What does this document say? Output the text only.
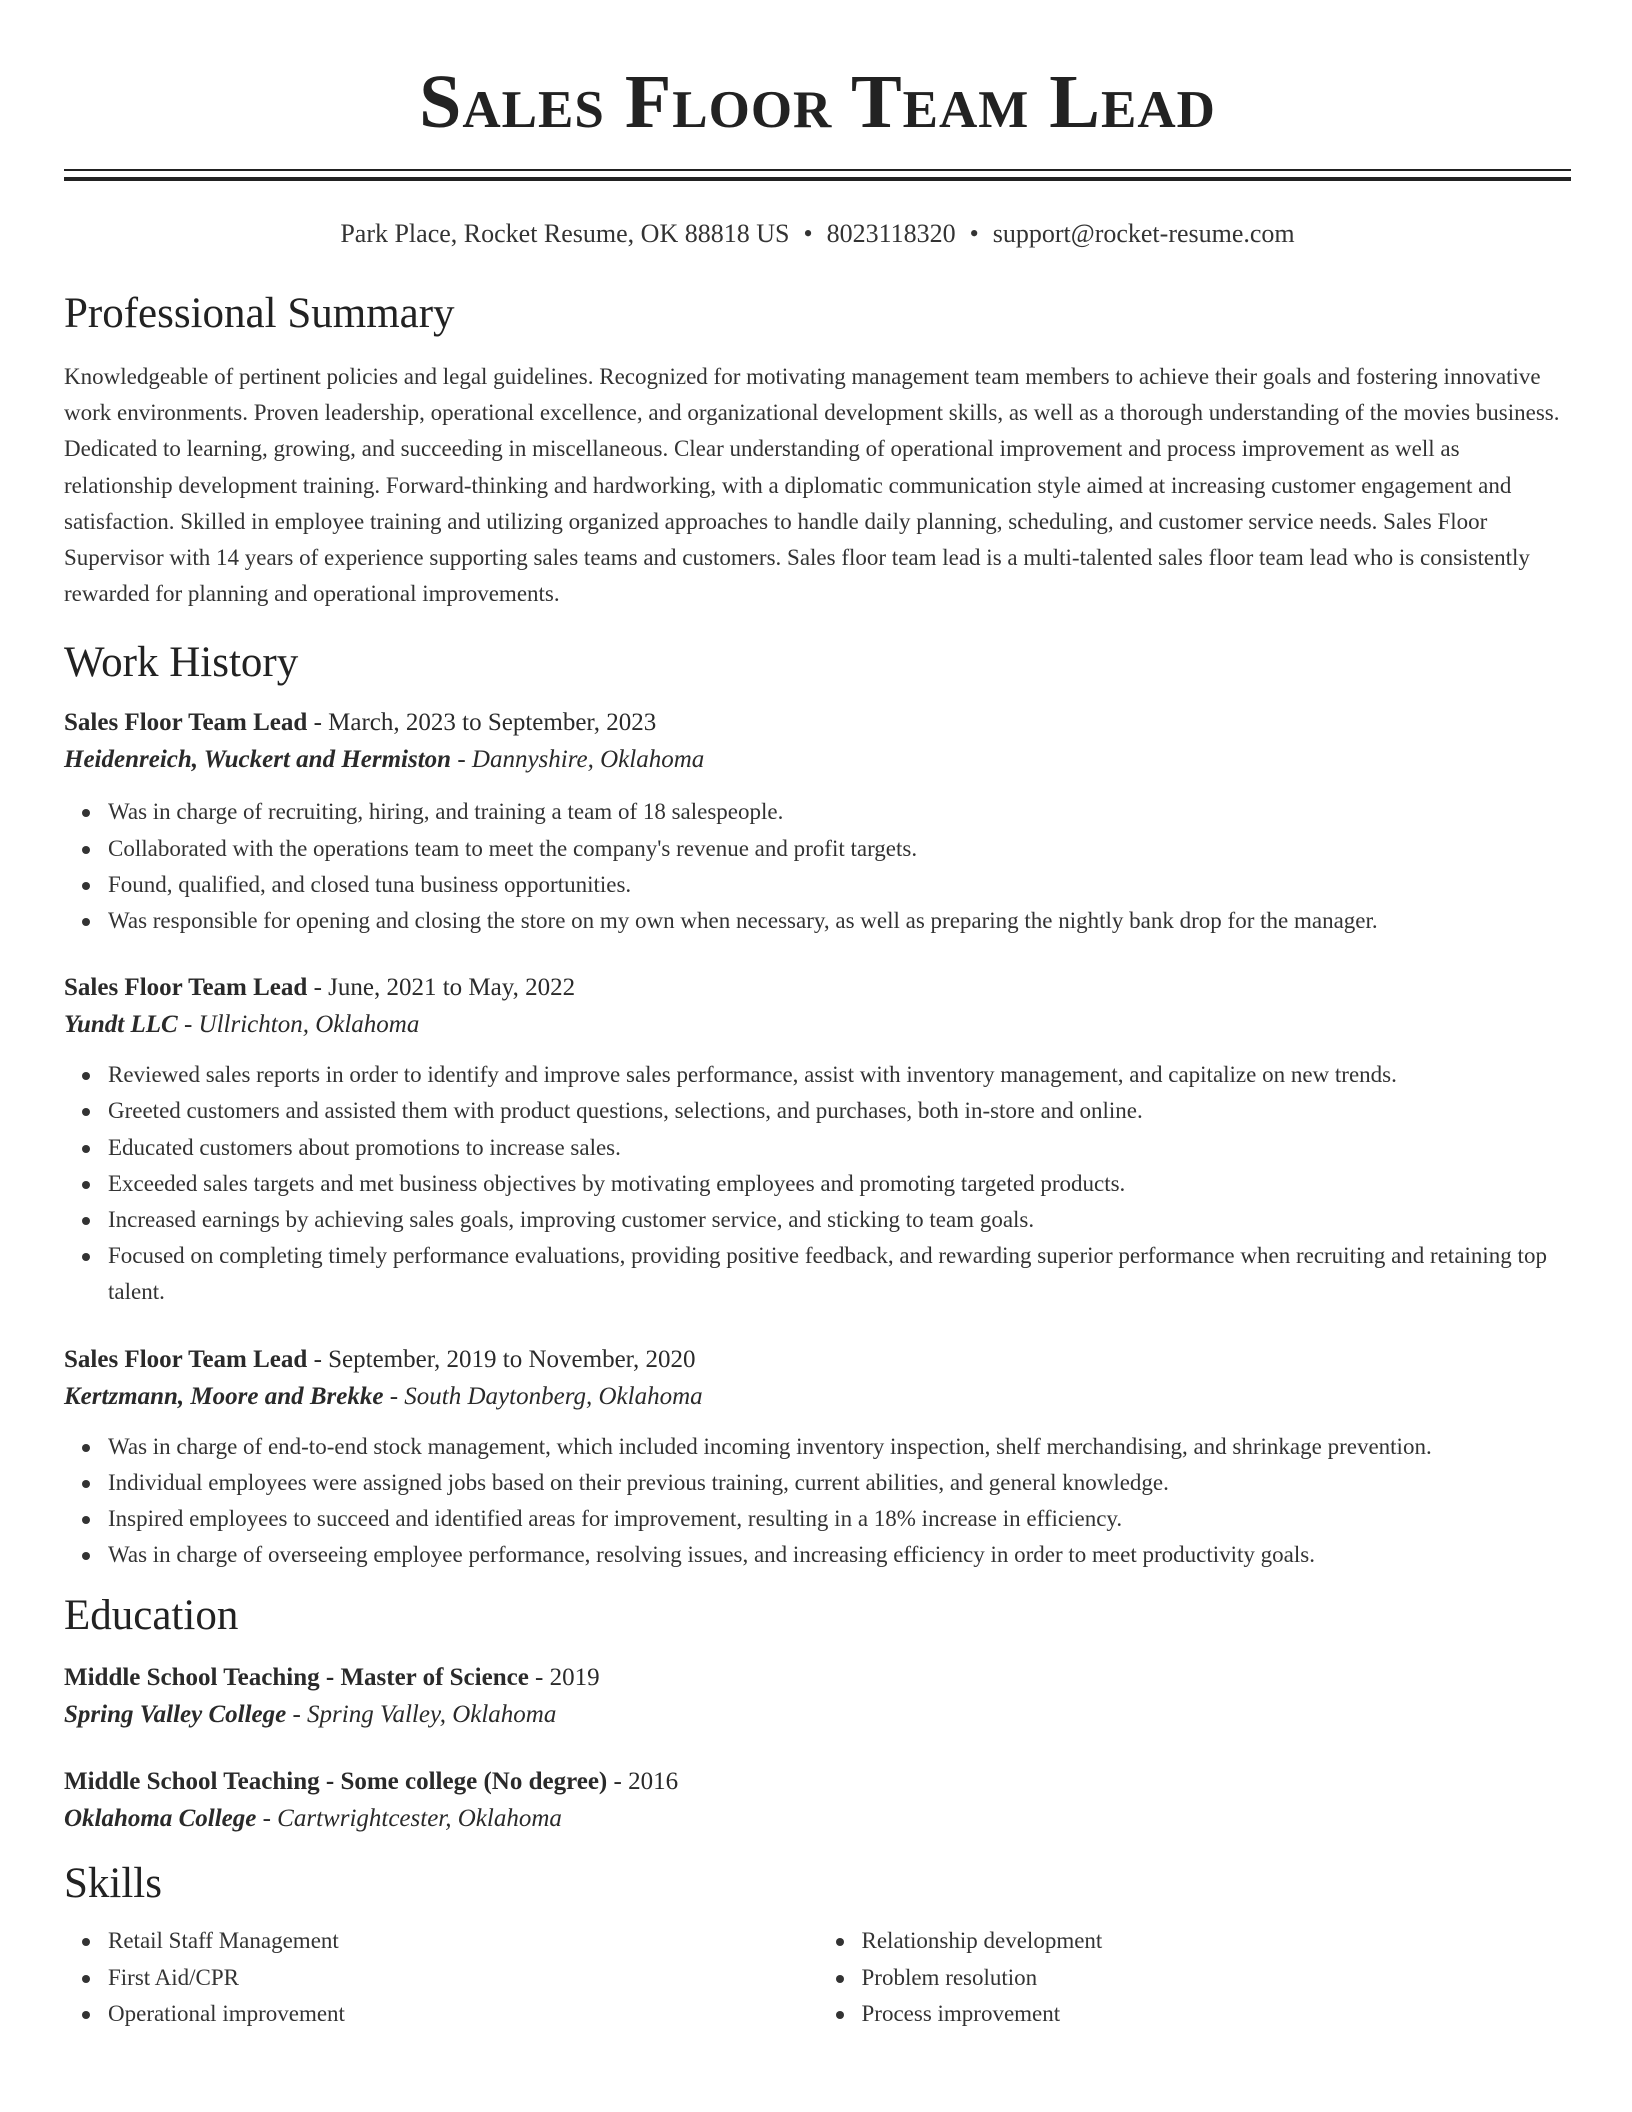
Sales Floor Team Lead
Park Place, Rocket Resume, OK 88818 US • 8023118320 • support@rocket-resume.com
Professional Summary

Knowledgeable of pertinent policies and legal guidelines. Recognized for motivating management team members to achieve their goals and fostering innovative work environments. Proven leadership, operational excellence, and organizational development skills, as well as a thorough understanding of the movies business. Dedicated to learning, growing, and succeeding in miscellaneous. Clear understanding of operational improvement and process improvement as well as relationship development training. Forward-thinking and hardworking, with a diplomatic communication style aimed at increasing customer engagement and satisfaction. Skilled in employee training and utilizing organized approaches to handle daily planning, scheduling, and customer service needs. Sales Floor Supervisor with 14 years of experience supporting sales teams and customers. Sales floor team lead is a multi-talented sales floor team lead who is consistently rewarded for planning and operational improvements.

Work History

Sales Floor Team Lead - March, 2023 to September, 2023

Heidenreich, Wuckert and Hermiston - Dannyshire, Oklahoma

Was in charge of recruiting, hiring, and training a team of 18 salespeople.
Collaborated with the operations team to meet the company's revenue and profit targets.
Found, qualified, and closed tuna business opportunities.
Was responsible for opening and closing the store on my own when necessary, as well as preparing the nightly bank drop for the manager.

Sales Floor Team Lead - June, 2021 to May, 2022

Yundt LLC - Ullrichton, Oklahoma

Reviewed sales reports in order to identify and improve sales performance, assist with inventory management, and capitalize on new trends.
Greeted customers and assisted them with product questions, selections, and purchases, both in-store and online.
Educated customers about promotions to increase sales.
Exceeded sales targets and met business objectives by motivating employees and promoting targeted products.
Increased earnings by achieving sales goals, improving customer service, and sticking to team goals.
Focused on completing timely performance evaluations, providing positive feedback, and rewarding superior performance when recruiting and retaining top talent.

Sales Floor Team Lead - September, 2019 to November, 2020

Kertzmann, Moore and Brekke - South Daytonberg, Oklahoma

Was in charge of end-to-end stock management, which included incoming inventory inspection, shelf merchandising, and shrinkage prevention.
Individual employees were assigned jobs based on their previous training, current abilities, and general knowledge.
Inspired employees to succeed and identified areas for improvement, resulting in a 18% increase in efficiency.
Was in charge of overseeing employee performance, resolving issues, and increasing efficiency in order to meet productivity goals.
Education

Middle School Teaching - Master of Science - 2019

Spring Valley College - Spring Valley, Oklahoma

Middle School Teaching - Some college (No degree) - 2016

Oklahoma College - Cartwrightcester, Oklahoma

Skills
Retail Staff Management
First Aid/CPR
Operational improvement
Relationship development
Problem resolution
Process improvement
